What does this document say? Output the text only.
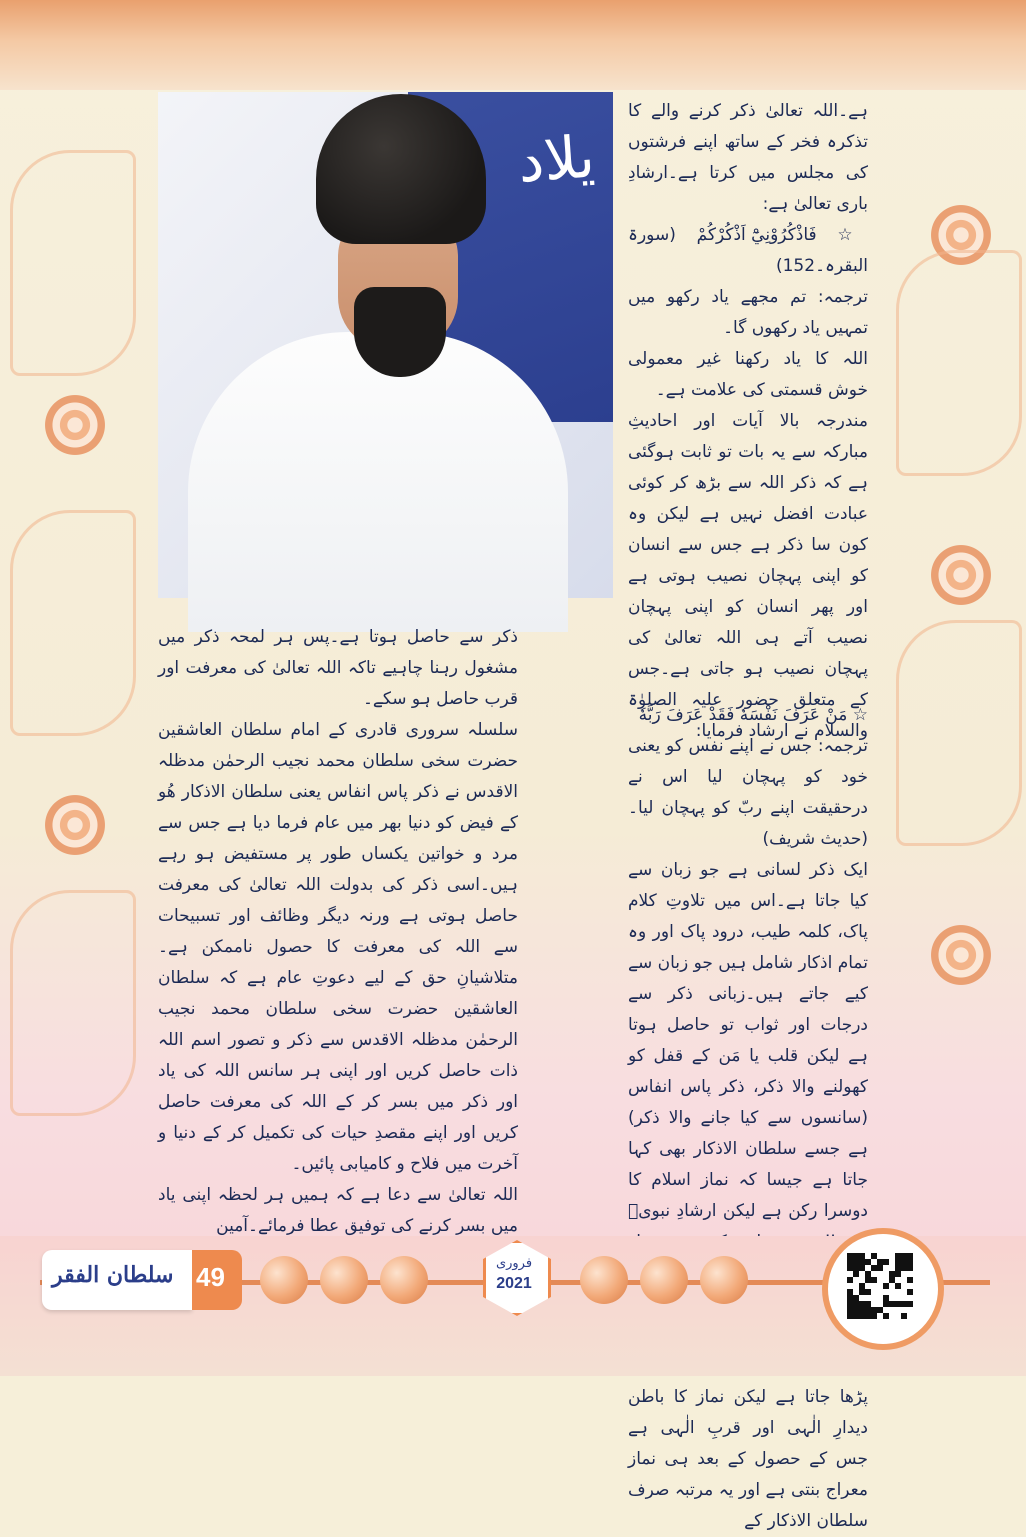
یلاد

ہے۔اللہ تعالیٰ ذکر کرنے والے کا تذکرہ فخر کے ساتھ اپنے فرشتوں کی مجلس میں کرتا ہے۔ارشادِ باری تعالیٰ ہے:

☆ فَاذْكُرُوْنِيْٓ اَذْكُرْكُمْ (سورۃ البقرہ۔152)

ترجمہ: تم مجھے یاد رکھو میں تمہیں یاد رکھوں گا۔

اللہ کا یاد رکھنا غیر معمولی خوش قسمتی کی علامت ہے۔

مندرجہ بالا آیات اور احادیثِ مبارکہ سے یہ بات تو ثابت ہوگئی ہے کہ ذکر اللہ سے بڑھ کر کوئی عبادت افضل نہیں ہے لیکن وہ کون سا ذکر ہے جس سے انسان کو اپنی پہچان نصیب ہوتی ہے اور پھر انسان کو اپنی پہچان نصیب آتے ہی اللہ تعالیٰ کی پہچان نصیب ہو جاتی ہے۔جس کے متعلق حضور علیہ الصلوٰۃ والسلام نے ارشاد فرمایا:

☆ مَنْ عَرَفَ نَفْسَهٗ فَقَدْ عَرَفَ رَبَّهٗ

ترجمہ: جس نے اپنے نفس کو یعنی خود کو پہچان لیا اس نے درحقیقت اپنے ربّ کو پہچان لیا۔(حدیث شریف)

ایک ذکر لسانی ہے جو زبان سے کیا جاتا ہے۔اس میں تلاوتِ کلام پاک، کلمہ طیب، درود پاک اور وہ تمام اذکار شامل ہیں جو زبان سے کیے جاتے ہیں۔زبانی ذکر سے درجات اور ثواب تو حاصل ہوتا ہے لیکن قلب یا مَن کے قفل کو کھولنے والا ذکر، ذکر پاس انفاس (سانسوں سے کیا جانے والا ذکر) ہے جسے سلطان الاذکار بھی کہا جاتا ہے جیسا کہ نماز اسلام کا دوسرا رکن ہے لیکن ارشادِ نبویؐ

پڑھا جاتا ہے لیکن نماز کا باطن دیدارِ الٰہی اور قربِ الٰہی ہے جس کے حصول کے بعد ہی نماز معراج بنتی ہے اور یہ مرتبہ صرف سلطان الاذکار کے

ذکر سے حاصل ہوتا ہے۔پس ہر لمحہ ذکر میں مشغول رہنا چاہیے تاکہ اللہ تعالیٰ کی معرفت اور قرب حاصل ہو سکے۔

سلسلہ سروری قادری کے امام سلطان العاشقین حضرت سخی سلطان محمد نجیب الرحمٰن مدظلہ الاقدس نے ذکر پاس انفاس یعنی سلطان الاذکار ھُو کے فیض کو دنیا بھر میں عام فرما دیا ہے جس سے مرد و خواتین یکساں طور پر مستفیض ہو رہے ہیں۔اسی ذکر کی بدولت اللہ تعالیٰ کی معرفت حاصل ہوتی ہے ورنہ دیگر وظائف اور تسبیحات سے اللہ کی معرفت کا حصول ناممکن ہے۔متلاشیانِ حق کے لیے دعوتِ عام ہے کہ سلطان العاشقین حضرت سخی سلطان محمد نجیب الرحمٰن مدظلہ الاقدس سے ذکر و تصور اسم اللہ ذات حاصل کریں اور اپنی ہر سانس اللہ کی یاد اور ذکر میں بسر کر کے اللہ کی معرفت حاصل کریں اور اپنے مقصدِ حیات کی تکمیل کر کے دنیا و آخرت میں فلاح و کامیابی پائیں۔

اللہ تعالیٰ سے دعا ہے کہ ہمیں ہر لحظہ اپنی یاد میں بسر کرنے کی توفیق عطا فرمائے۔آمین

سلطان الفقر 49	فروری
2021
